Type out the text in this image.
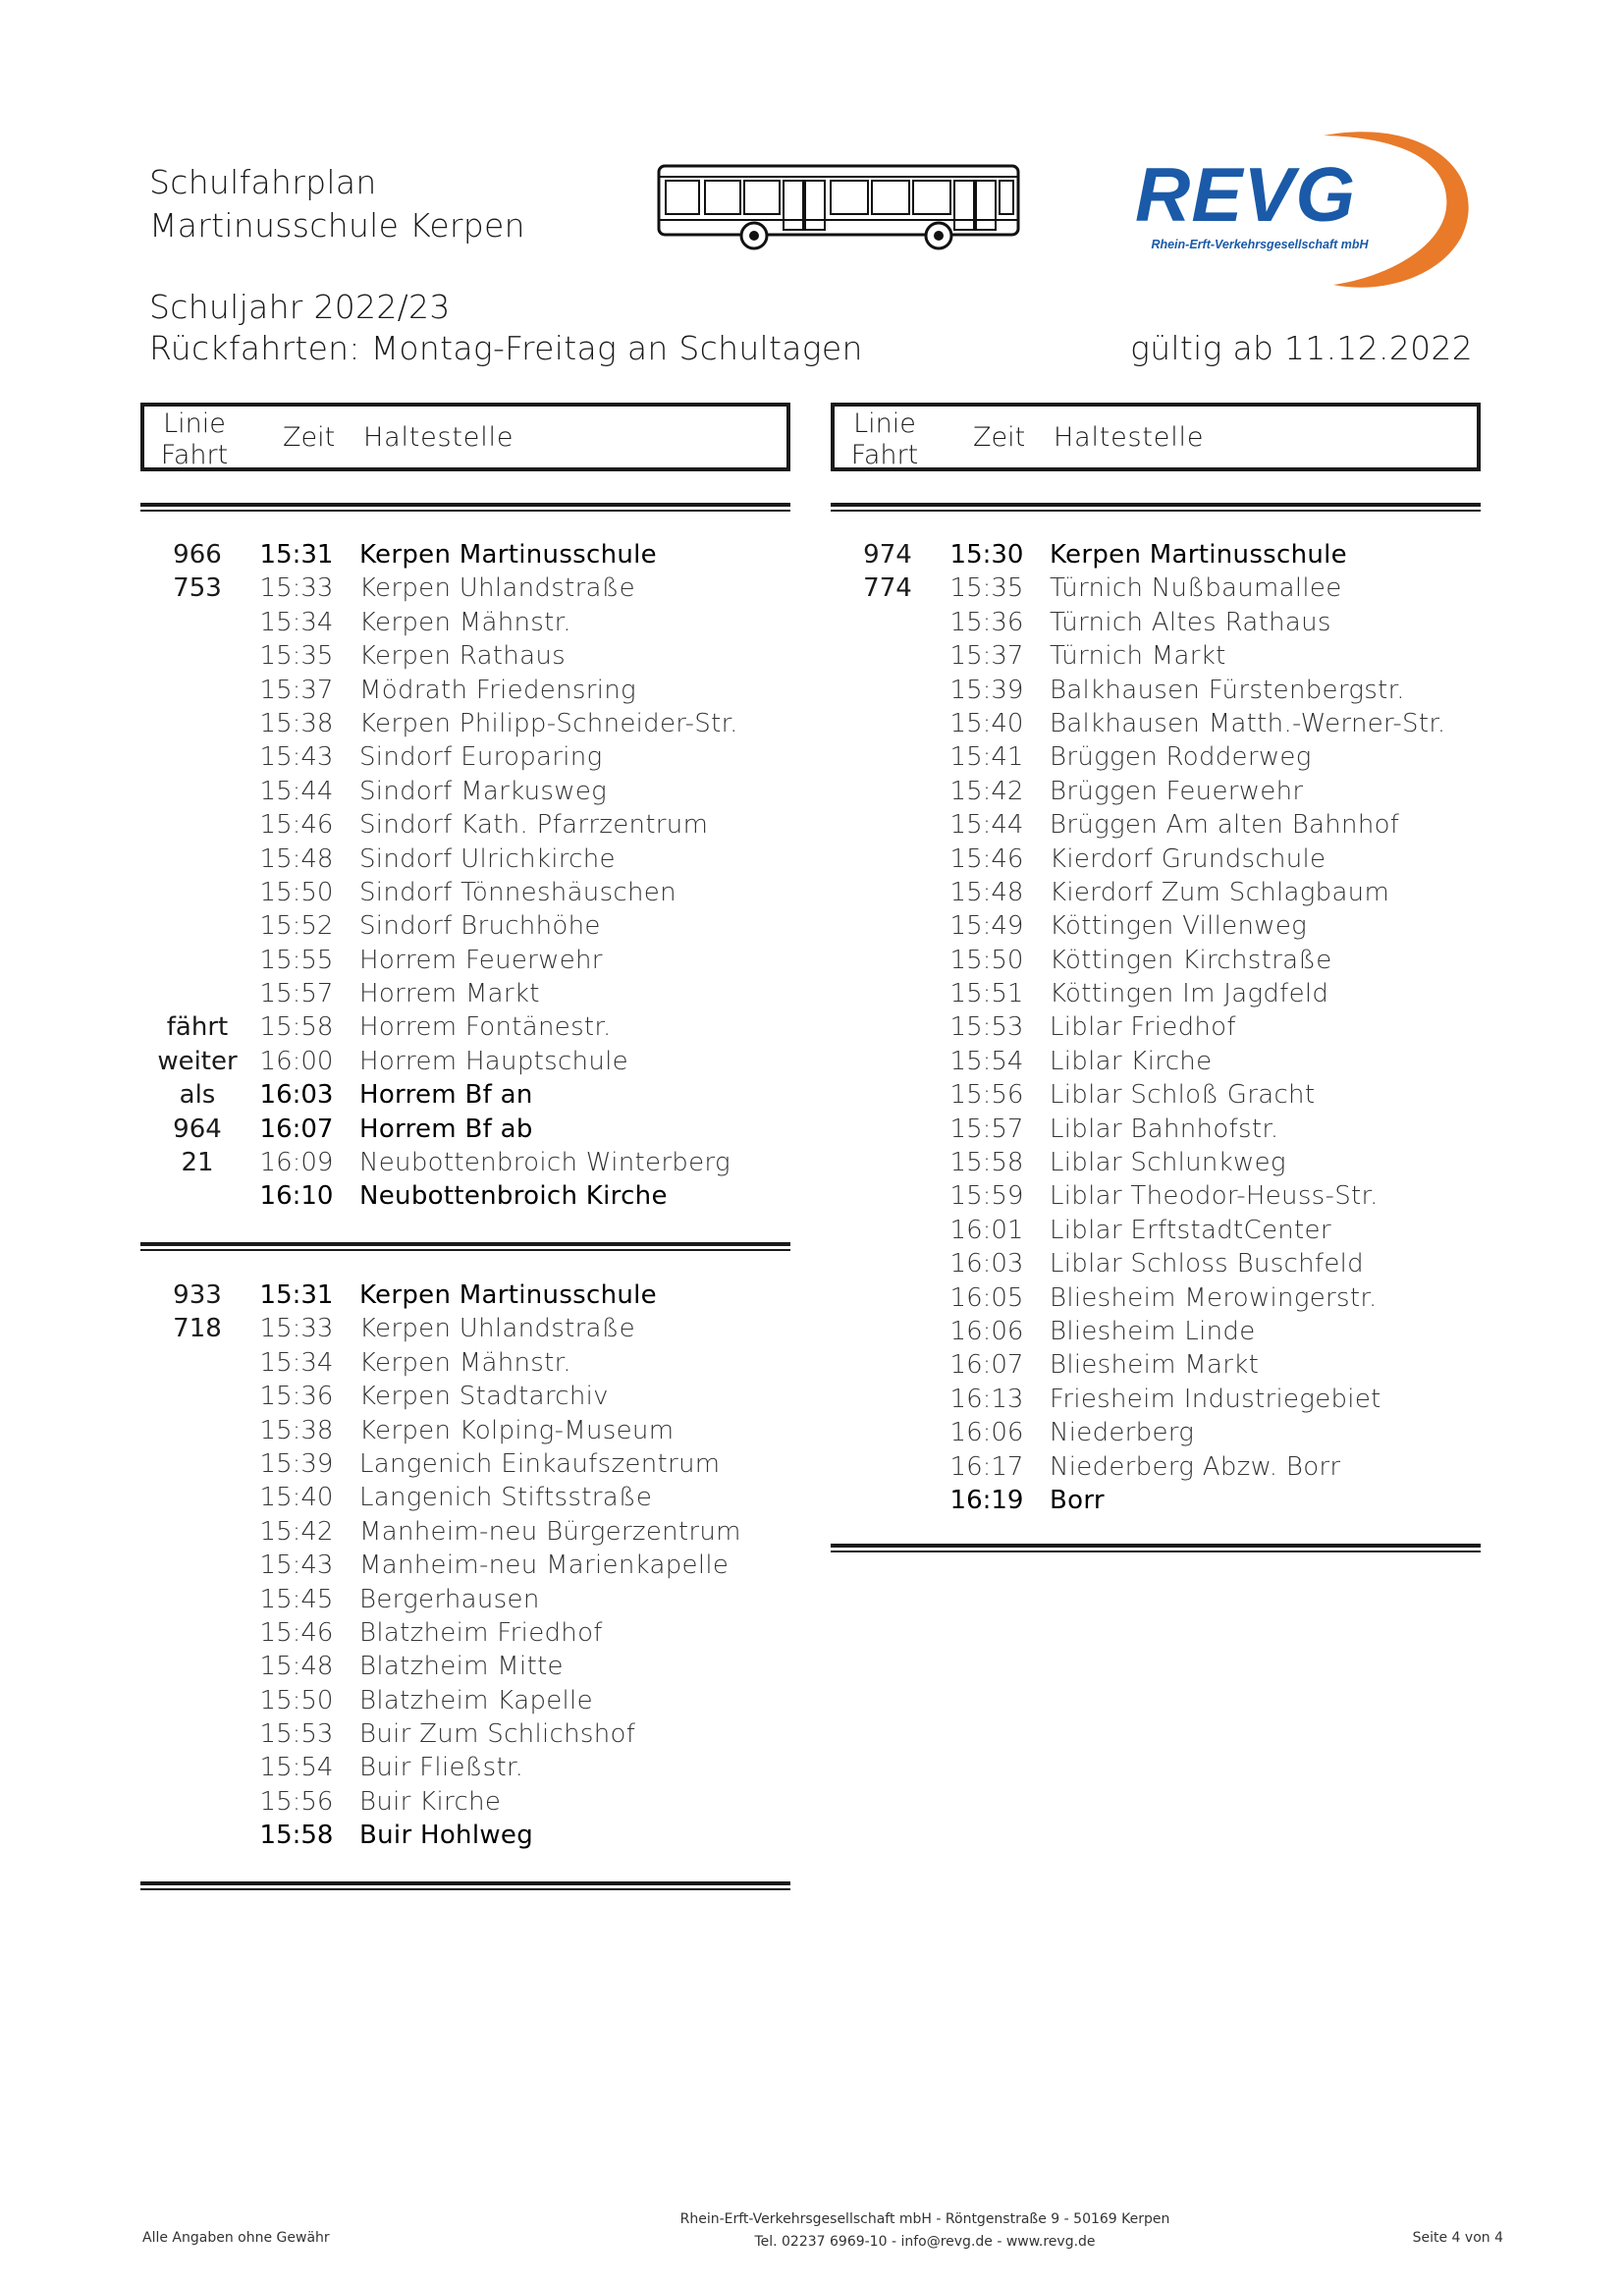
Schulfahrplan
Martinusschule Kerpen
Schuljahr 2022/23
Rückfahrten: Montag-Freitag an Schultagen	gültig ab 11.12.2022
REVG
Rhein-Erft-Verkehrsgesellschaft mbH
Linie
Fahrt
Zeit Haltestelle	Linie
Fahrt
Zeit Haltestelle
966	15:31 Kerpen Martinusschule
753	15:33 Kerpen Uhlandstraße
15:34 Kerpen Mähnstr.
15:35 Kerpen Rathaus
15:37 Mödrath Friedensring
15:38 Kerpen Philipp-Schneider-Str.
15:43 Sindorf Europaring
15:44 Sindorf Markusweg
15:46 Sindorf Kath. Pfarrzentrum
15:48 Sindorf Ulrichkirche
15:50 Sindorf Tönneshäuschen
15:52 Sindorf Bruchhöhe
15:55 Horrem Feuerwehr
15:57 Horrem Markt
fährt	15:58 Horrem Fontänestr.
weiter 16:00 Horrem Hauptschule
als	16:03 Horrem Bf an
964	16:07 Horrem Bf ab
21	16:09 Neubottenbroich Winterberg
16:10 Neubottenbroich Kirche
933	15:31 Kerpen Martinusschule
718	15:33 Kerpen Uhlandstraße
15:34 Kerpen Mähnstr.
15:36 Kerpen Stadtarchiv
15:38 Kerpen Kolping-Museum
15:39 Langenich Einkaufszentrum
15:40 Langenich Stiftsstraße
15:42 Manheim-neu Bürgerzentrum
15:43 Manheim-neu Marienkapelle
15:45 Bergerhausen
15:46 Blatzheim Friedhof
15:48 Blatzheim Mitte
15:50 Blatzheim Kapelle
15:53 Buir Zum Schlichshof
15:54 Buir Fließstr.
15:56 Buir Kirche
15:58 Buir Hohlweg
974	15:30 Kerpen Martinusschule
774	15:35 Türnich Nußbaumallee
15:36 Türnich Altes Rathaus
15:37 Türnich Markt
15:39 Balkhausen Fürstenbergstr.
15:40 Balkhausen Matth.-Werner-Str.
15:41 Brüggen Rodderweg
15:42 Brüggen Feuerwehr
15:44 Brüggen Am alten Bahnhof
15:46 Kierdorf Grundschule
15:48 Kierdorf Zum Schlagbaum
15:49 Köttingen Villenweg
15:50 Köttingen Kirchstraße
15:51 Köttingen Im Jagdfeld
15:53 Liblar Friedhof
15:54 Liblar Kirche
15:56 Liblar Schloß Gracht
15:57 Liblar Bahnhofstr.
15:58 Liblar Schlunkweg
15:59 Liblar Theodor-Heuss-Str.
16:01 Liblar ErftstadtCenter
16:03 Liblar Schloss Buschfeld
16:05 Bliesheim Merowingerstr.
16:06 Bliesheim Linde
16:07 Bliesheim Markt
16:13 Friesheim Industriegebiet
16:06 Niederberg
16:17 Niederberg Abzw. Borr
16:19 Borr
Alle Angaben ohne Gewähr
Rhein-Erft-Verkehrsgesellschaft mbH - Röntgenstraße 9 - 50169 Kerpen
Tel. 02237 6969-10 - info@revg.de - www.revg.de	Seite 4 von 4
